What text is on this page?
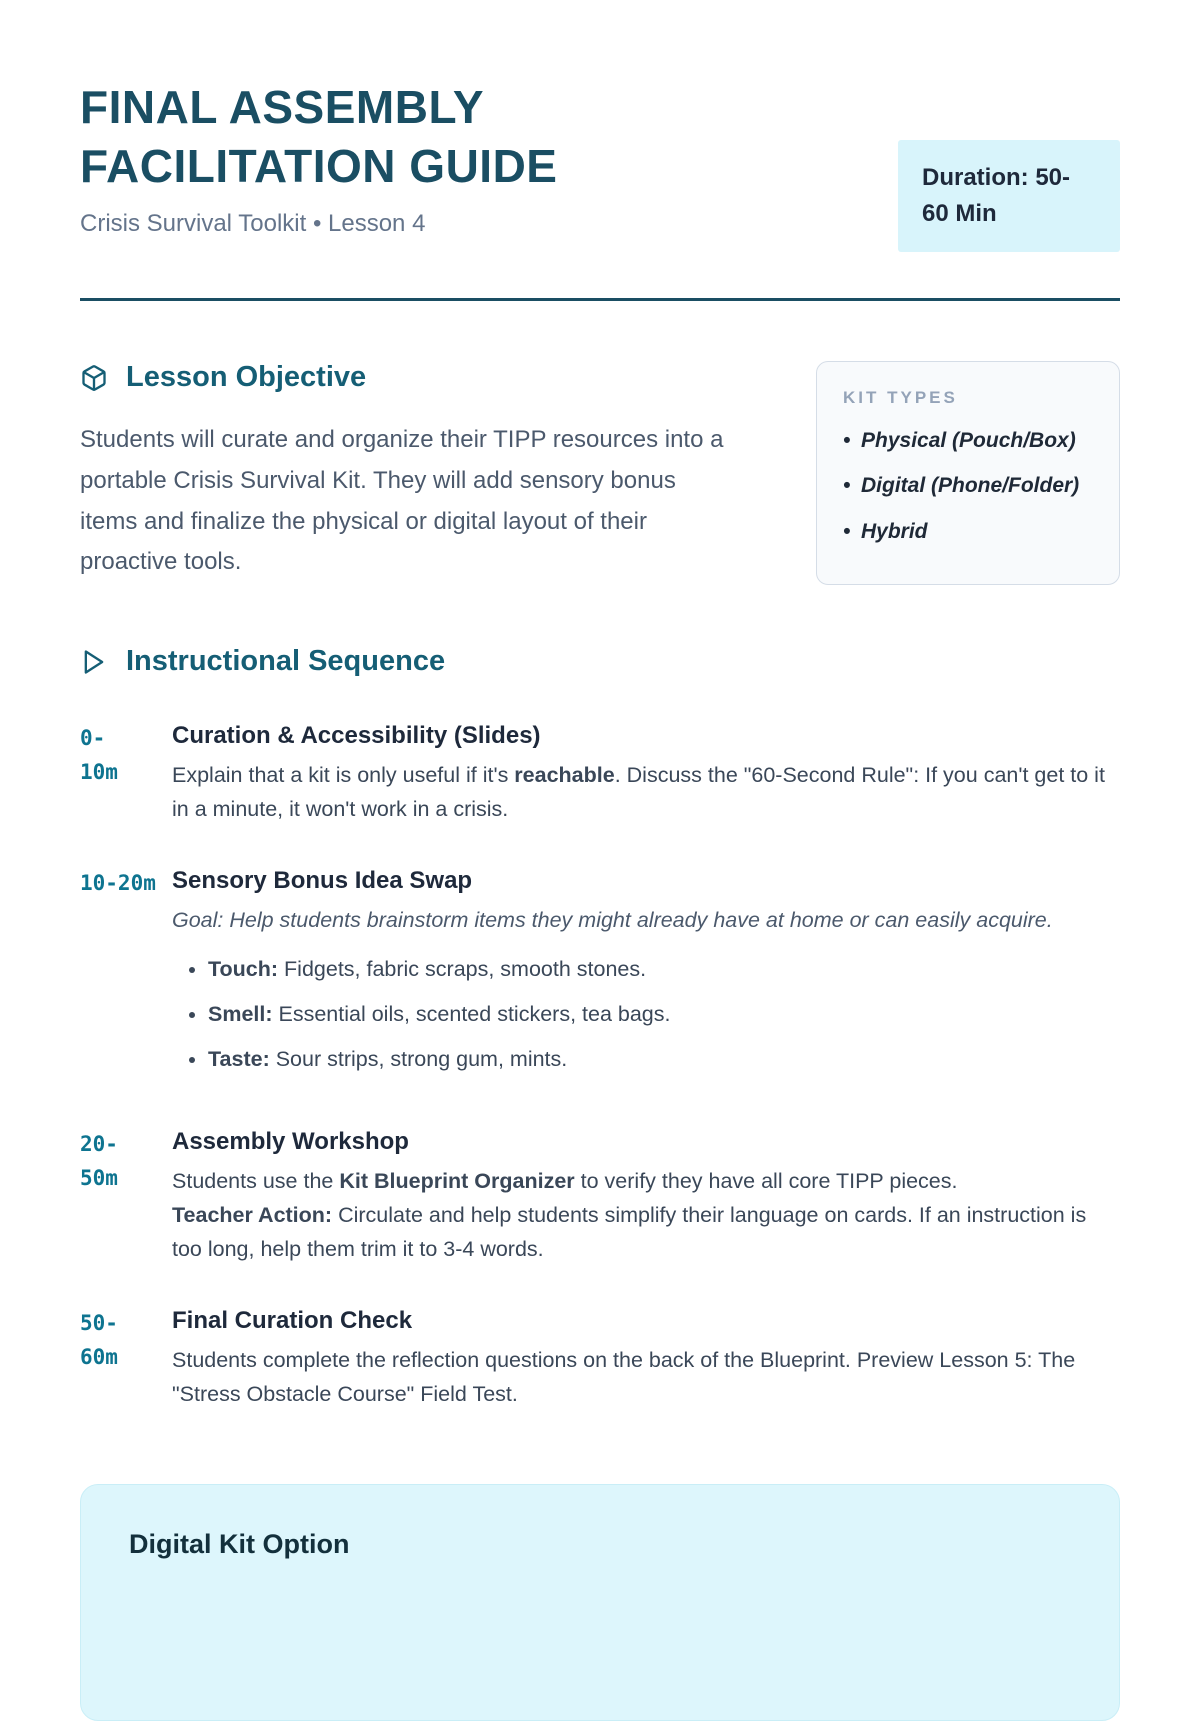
FINAL ASSEMBLY
FACILITATION GUIDE
Crisis Survival Toolkit • Lesson 4
Duration: 50-60 Min
Lesson Objective

Students will curate and organize their TIPP resources into a portable Crisis Survival Kit. They will add sensory bonus items and finalize the physical or digital layout of their proactive tools.

KIT TYPES
• Physical (Pouch/Box)
• Digital (Phone/Folder)
• Hybrid
Instructional Sequence
0-
10m
Curation & Accessibility (Slides)

Explain that a kit is only useful if it's reachable. Discuss the "60-Second Rule": If you can't get to it in a minute, it won't work in a crisis.

10-20m Sensory Bonus Idea Swap

Goal: Help students brainstorm items they might already have at home or can easily acquire.

• Touch: Fidgets, fabric scraps, smooth stones.
• Smell: Essential oils, scented stickers, tea bags.
• Taste: Sour strips, strong gum, mints.
20-
50m
Assembly Workshop

Students use the Kit Blueprint Organizer to verify they have all core TIPP pieces.

Teacher Action: Circulate and help students simplify their language on cards. If an instruction is too long, help them trim it to 3-4 words.

50-
60m
Final Curation Check

Students complete the reflection questions on the back of the Blueprint. Preview Lesson 5: The "Stress Obstacle Course" Field Test.

Digital Kit Option
